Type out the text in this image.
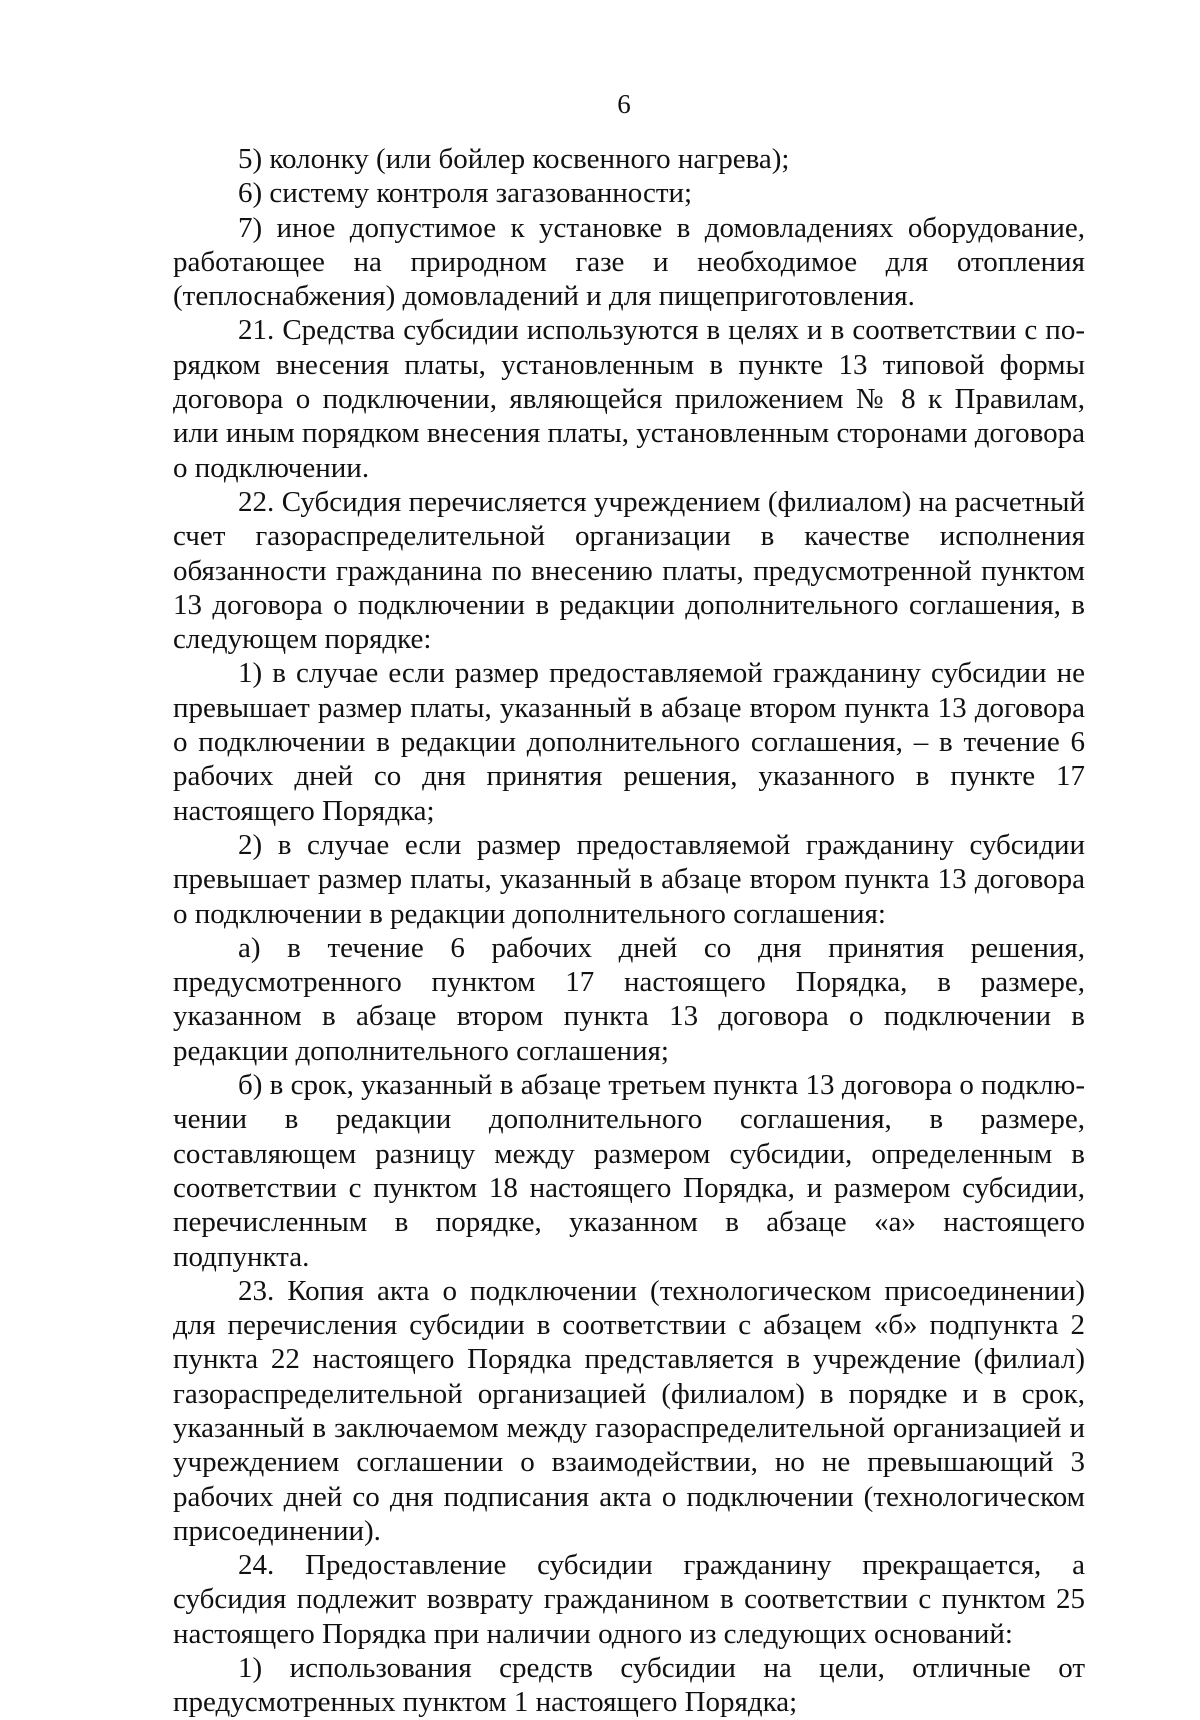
6

5) колонку (или бойлер косвенного нагрева);

6) систему контроля загазованности;

7) иное допустимое к установке в домовладениях оборудование, работающее на природном газе и необходимое для отопления (теплоснабжения) домовладений и для пищеприготовления.

21. Средства субсидии используются в целях и в соответствии с порядком внесения платы, установленным в пункте 13 типовой формы договора о подключении, являющейся приложением № 8 к Правилам, или иным порядком внесения платы, установленным сторонами договора о подключении.

22. Субсидия перечисляется учреждением (филиалом) на расчетный счет газораспределительной организации в качестве исполнения обязанности гражданина по внесению платы, предусмотренной пунктом 13 договора о подключении в редакции дополнительного соглашения, в следующем порядке:

1) в случае если размер предоставляемой гражданину субсидии не превышает размер платы, указанный в абзаце втором пункта 13 договора о подключении в редакции дополнительного соглашения, – в течение 6 рабочих дней со дня принятия решения, указанного в пункте 17 настоящего Порядка;

2) в случае если размер предоставляемой гражданину субсидии превышает размер платы, указанный в абзаце втором пункта 13 договора о подключении в редакции дополнительного соглашения:

а) в течение 6 рабочих дней со дня принятия решения, предусмотренного пунктом 17 настоящего Порядка, в размере, указанном в абзаце втором пункта 13 договора о подключении в редакции дополнительного соглашения;

б) в срок, указанный в абзаце третьем пункта 13 договора о подключении в редакции дополнительного соглашения, в размере, составляющем разницу между размером субсидии, определенным в соответствии с пунктом 18 настоящего Порядка, и размером субсидии, перечисленным в порядке, указанном в абзаце «а» настоящего подпункта.

23. Копия акта о подключении (технологическом присоединении) для перечисления субсидии в соответствии с абзацем «б» подпункта 2 пункта 22 настоящего Порядка представляется в учреждение (филиал) газораспределительной организацией (филиалом) в порядке и в срок, указанный в заключаемом между газораспределительной организацией и учреждением соглашении о взаимодействии, но не превышающий 3 рабочих дней со дня подписания акта о подключении (технологическом присоединении).

24. Предоставление субсидии гражданину прекращается, а субсидия подлежит возврату гражданином в соответствии с пунктом 25 настоящего Порядка при наличии одного из следующих оснований:

1) использования средств субсидии на цели, отличные от предусмотренных пунктом 1 настоящего Порядка;
